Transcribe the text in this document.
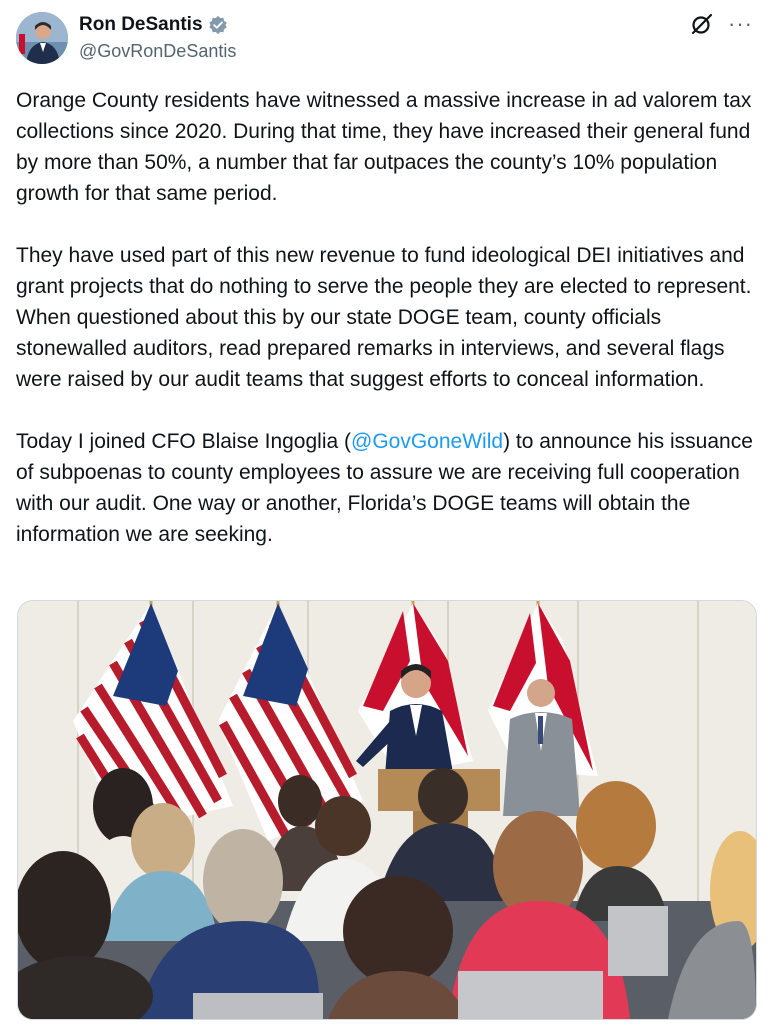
Ron DeSantis
@GovRonDeSantis
···

Orange County residents have witnessed a massive increase in ad valorem tax collections since 2020. During that time, they have increased their general fund by more than 50%, a number that far outpaces the county’s 10% population growth for that same period.

They have used part of this new revenue to fund ideological DEI initiatives and grant projects that do nothing to serve the people they are elected to represent. When questioned about this by our state DOGE team, county officials stonewalled auditors, read prepared remarks in interviews, and several flags were raised by our audit teams that suggest efforts to conceal information.

Today I joined CFO Blaise Ingoglia (@GovGoneWild) to announce his issuance of subpoenas to county employees to assure we are receiving full cooperation with our audit. One way or another, Florida’s DOGE teams will obtain the information we are seeking.
